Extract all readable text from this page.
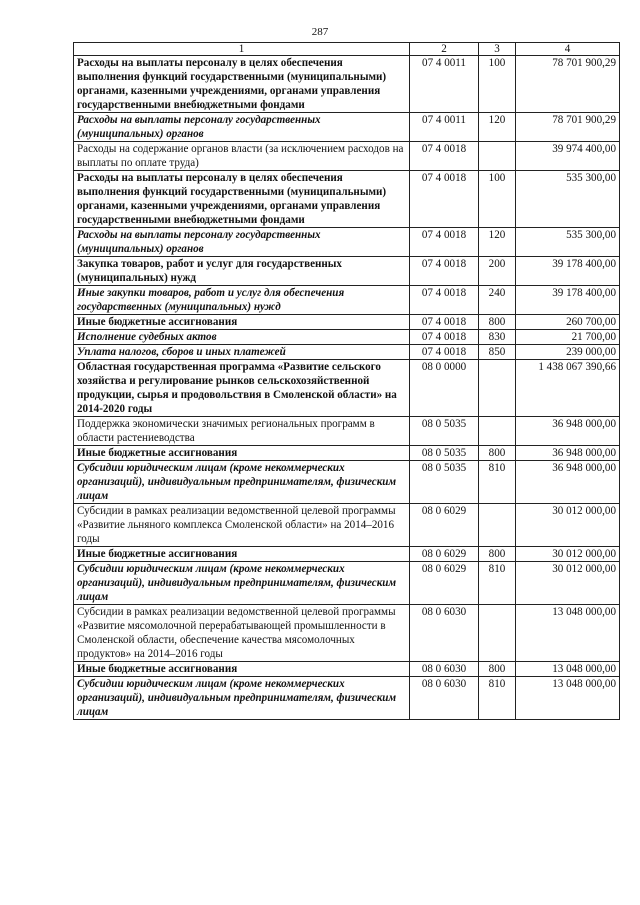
287
1	2	3	4
Расходы на выплаты персоналу в целях обеспечения выполнения функций государственными (муниципальными) органами, казенными учреждениями, органами управления государственными внебюджетными фондами	07 4 0011	100	78 701 900,29
Расходы на выплаты персоналу государственных (муниципальных) органов	07 4 0011	120	78 701 900,29
Расходы на содержание органов власти (за исключением расходов на выплаты по оплате труда)	07 4 0018		39 974 400,00
Расходы на выплаты персоналу в целях обеспечения выполнения функций государственными (муниципальными) органами, казенными учреждениями, органами управления государственными внебюджетными фондами	07 4 0018	100	535 300,00
Расходы на выплаты персоналу государственных (муниципальных) органов	07 4 0018	120	535 300,00
Закупка товаров, работ и услуг для государственных (муниципальных) нужд	07 4 0018	200	39 178 400,00
Иные закупки товаров, работ и услуг для обеспечения государственных (муниципальных) нужд	07 4 0018	240	39 178 400,00
Иные бюджетные ассигнования	07 4 0018	800	260 700,00
Исполнение судебных актов	07 4 0018	830	21 700,00
Уплата налогов, сборов и иных платежей	07 4 0018	850	239 000,00
Областная государственная программа «Развитие сельского хозяйства и регулирование рынков сельскохозяйственной продукции, сырья и продовольствия в Смоленской области» на 2014-2020 годы	08 0 0000		1 438 067 390,66
Поддержка экономически значимых региональных программ в области растениеводства	08 0 5035		36 948 000,00
Иные бюджетные ассигнования	08 0 5035	800	36 948 000,00
Субсидии юридическим лицам (кроме некоммерческих организаций), индивидуальным предпринимателям, физическим лицам	08 0 5035	810	36 948 000,00
Субсидии в рамках реализации ведомственной целевой программы «Развитие льняного комплекса Смоленской области» на 2014–2016 годы	08 0 6029		30 012 000,00
Иные бюджетные ассигнования	08 0 6029	800	30 012 000,00
Субсидии юридическим лицам (кроме некоммерческих организаций), индивидуальным предпринимателям, физическим лицам	08 0 6029	810	30 012 000,00
Субсидии в рамках реализации ведомственной целевой программы «Развитие мясомолочной перерабатывающей промышленности в Смоленской области, обеспечение качества мясомолочных продуктов» на 2014–2016 годы	08 0 6030		13 048 000,00
Иные бюджетные ассигнования	08 0 6030	800	13 048 000,00
Субсидии юридическим лицам (кроме некоммерческих организаций), индивидуальным предпринимателям, физическим лицам	08 0 6030	810	13 048 000,00
